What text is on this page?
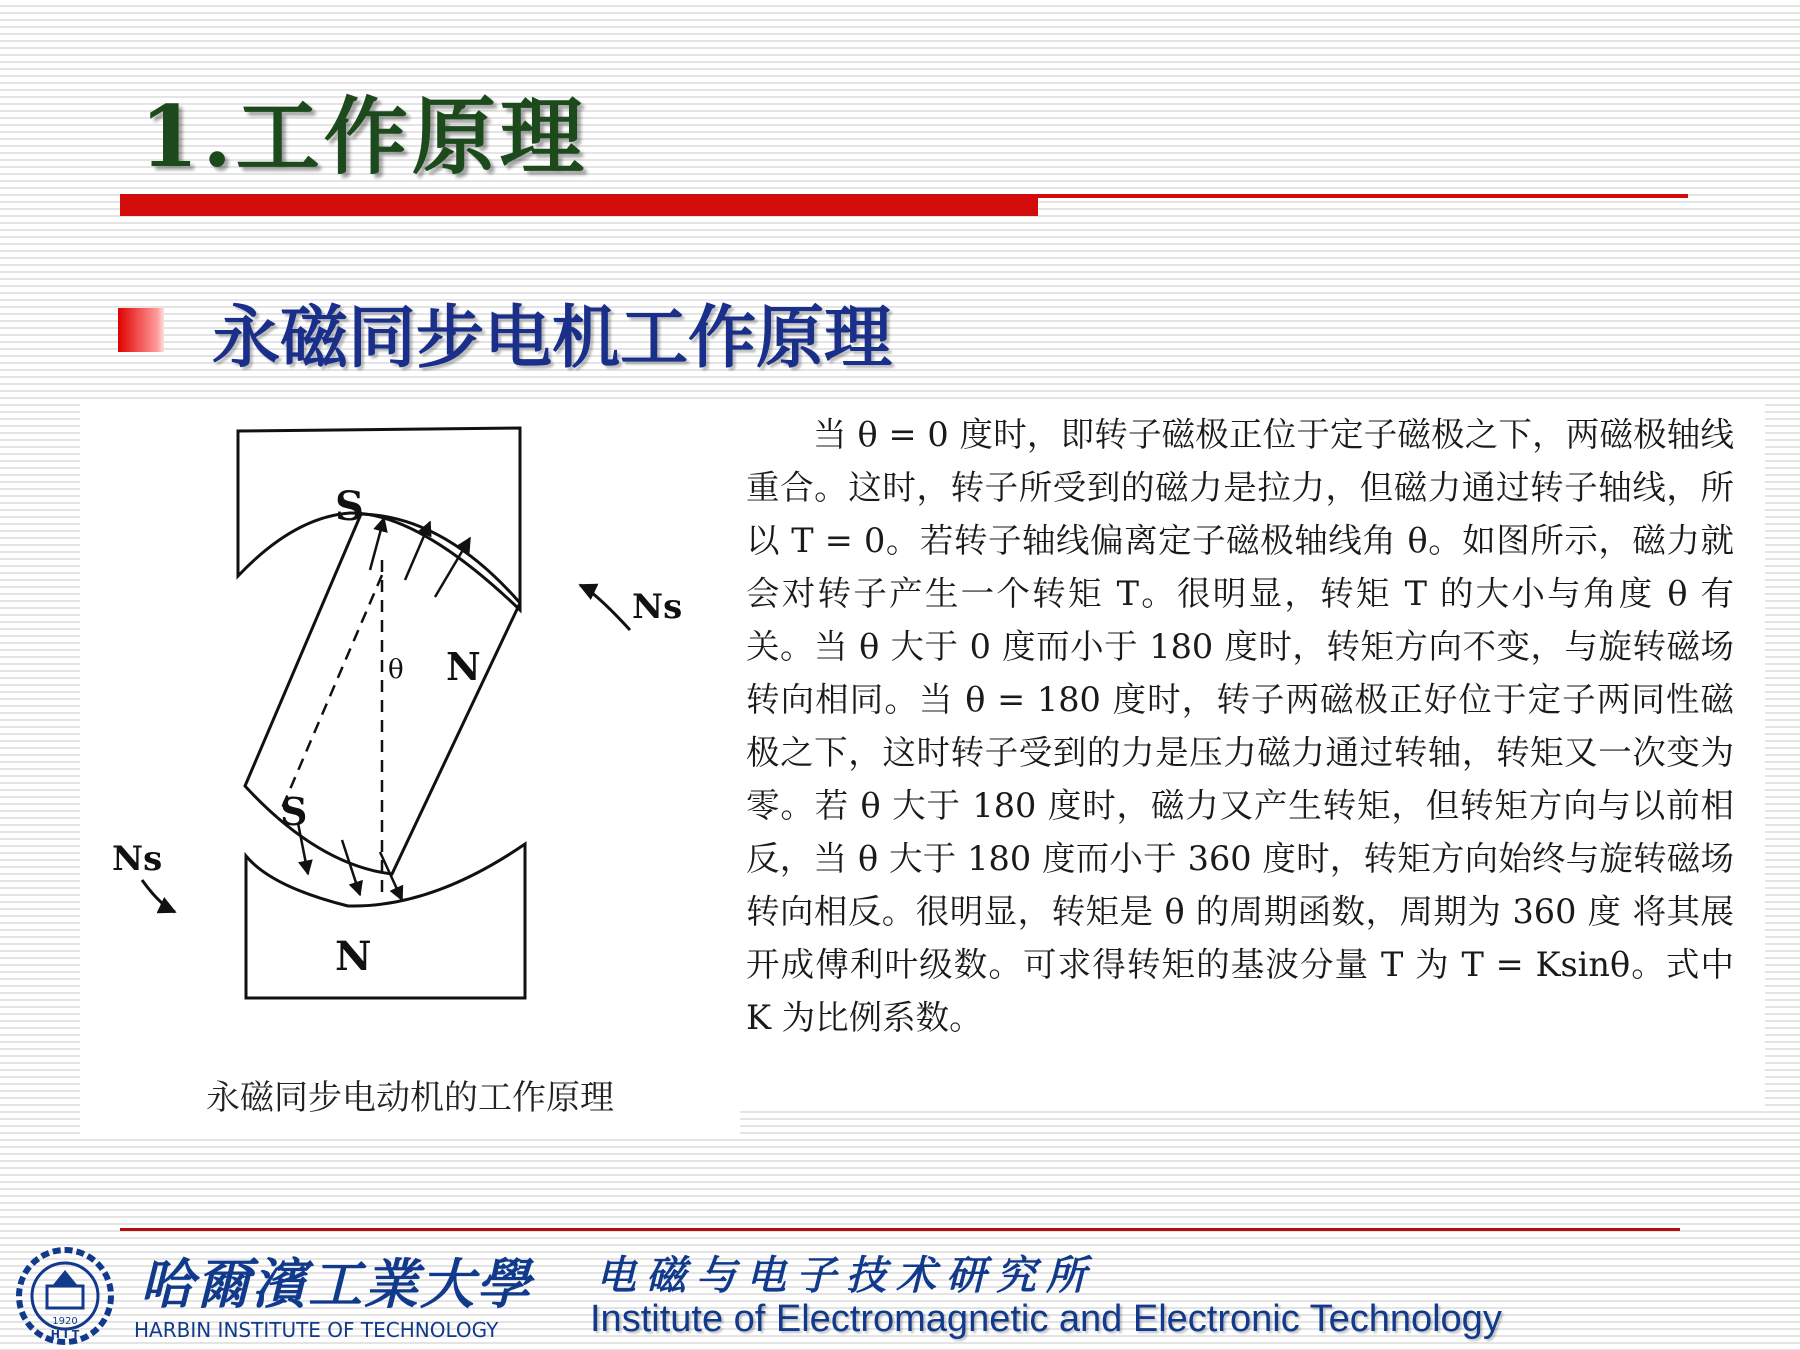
1.工作原理
永磁同步电机工作原理
S
N
N
S
θ
Ns
Ns
永磁同步电动机的工作原理

当 θ = 0 度时，即转子磁极正位于定子磁极之下，两磁极轴线重合。这时，转子所受到的磁力是拉力，但磁力通过转子轴线，所以 T = 0。若转子轴线偏离定子磁极轴线角 θ。如图所示，磁力就会对转子产生一个转矩 T。很明显，转矩 T 的大小与角度 θ 有关。当 θ 大于 0 度而小于 180 度时，转矩方向不变，与旋转磁场转向相同。当 θ = 180 度时，转子两磁极正好位于定子两同性磁极之下，这时转子受到的力是压力磁力通过转轴，转矩又一次变为零。若 θ 大于 180 度时，磁力又产生转矩，但转矩方向与以前相反，当 θ 大于 180 度而小于 360 度时，转矩方向始终与旋转磁场转向相反。很明显，转矩是 θ 的周期函数，周期为 360 度 将其展开成傅利叶级数。可求得转矩的基波分量 T 为 T = Ksinθ。式中 K 为比例系数。

1920
H I T

哈爾濱工業大學

HARBIN INSTITUTE OF TECHNOLOGY

电磁与电子技术研究所

Institute of Electromagnetic and Electronic Technology
